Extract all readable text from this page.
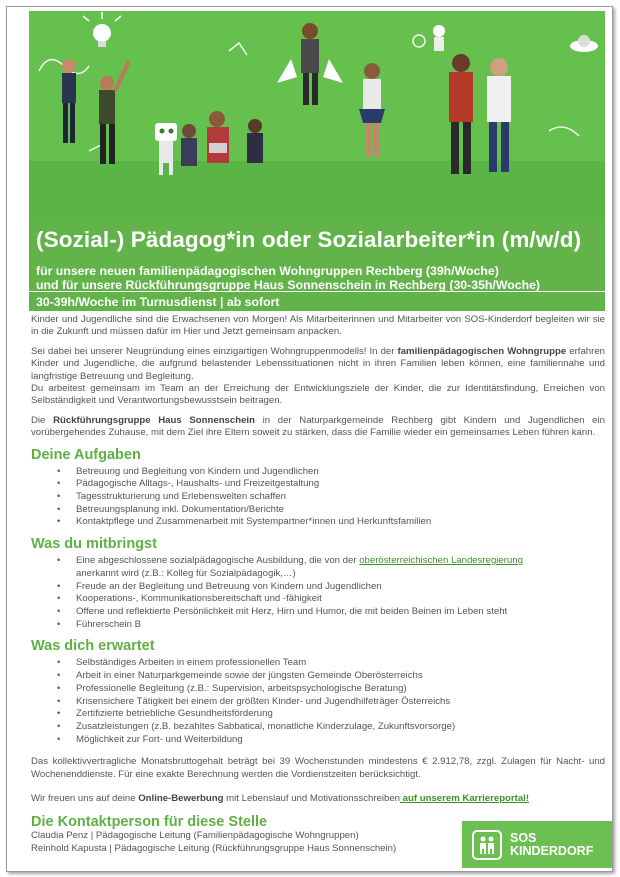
(Sozial-) Pädagog*in oder Sozialarbeiter*in (m/w/d)
für unsere neuen familienpädagogischen Wohngruppen Rechberg (39h/Woche)
und für unsere Rückführungsgruppe Haus Sonnenschein in Rechberg (30-35h/Woche)
30-39h/Woche im Turnusdienst | ab sofort

Kinder und Jugendliche sind die Erwachsenen von Morgen! Als Mitarbeiterinnen und Mitarbeiter von SOS-Kinderdorf begleiten wir sie in die Zukunft und müssen dafür im Hier und Jetzt gemeinsam anpacken.

Sei dabei bei unserer Neugründung eines einzigartigen Wohngruppenmodells! In der familienpädagogischen Wohngruppe erfahren Kinder und Jugendliche, die aufgrund belastender Lebenssituationen nicht in ihren Familien leben können, eine familiennahe und langfristige Betreuung und Begleitung.
Du arbeitest gemeinsam im Team an der Erreichung der Entwicklungsziele der Kinder, die zur Identitätsfindung, Erreichen von Selbständigkeit und Verantwortungsbewusstsein beitragen.

Die Rückführungsgruppe Haus Sonnenschein in der Naturparkgemeinde Rechberg gibt Kindern und Jugendlichen ein vorübergehendes Zuhause, mit dem Ziel ihre Eltern soweit zu stärken, dass die Familie wieder ein gemeinsames Leben führen kann.

Deine Aufgaben
• Betreuung und Begleitung von Kindern und Jugendlichen
• Pädagogische Alltags-, Haushalts- und Freizeitgestaltung
• Tagesstrukturierung und Erlebenswelten schaffen
• Betreuungsplanung inkl. Dokumentation/Berichte
• Kontaktpflege und Zusammenarbeit mit Systempartner*innen und Herkunftsfamilien
Was du mitbringst
• Eine abgeschlossene sozialpädagogische Ausbildung, die von der oberösterreichischen Landesregierung
anerkannt wird (z.B.: Kolleg für Sozialpädagogik,…)
• Freude an der Begleitung und Betreuung von Kindern und Jugendlichen
• Kooperations-, Kommunikationsbereitschaft und -fähigkeit
• Offene und reflektierte Persönlichkeit mit Herz, Hirn und Humor, die mit beiden Beinen im Leben steht
• Führerschein B
Was dich erwartet
• Selbständiges Arbeiten in einem professionellen Team
• Arbeit in einer Naturparkgemeinde sowie der jüngsten Gemeinde Oberösterreichs
• Professionelle Begleitung (z.B.: Supervision, arbeitspsychologische Beratung)
• Krisensichere Tätigkeit bei einem der größten Kinder- und Jugendhilfeträger Österreichs
• Zertifizierte betriebliche Gesundheitsförderung
• Zusatzleistungen (z.B. bezahltes Sabbatical, monatliche Kinderzulage, Zukunftsvorsorge)
• Möglichkeit zur Fort- und Weiterbildung

Das kollektivvertragliche Monatsbruttogehalt beträgt bei 39 Wochenstunden mindestens € 2.912,78, zzgl. Zulagen für Nacht- und Wochenenddienste. Für eine exakte Berechnung werden die Vordienstzeiten berücksichtigt.

Wir freuen uns auf deine Online-Bewerbung mit Lebenslauf und Motivationsschreiben auf unserem Karriereportal!

Die Kontaktperson für diese Stelle
Claudia Penz | Pädagogische Leitung (Familienpädagogische Wohngruppen)
Reinhold Kapusta | Pädagogische Leitung (Rückführungsgruppe Haus Sonnenschein)
SOS
KINDERDORF
